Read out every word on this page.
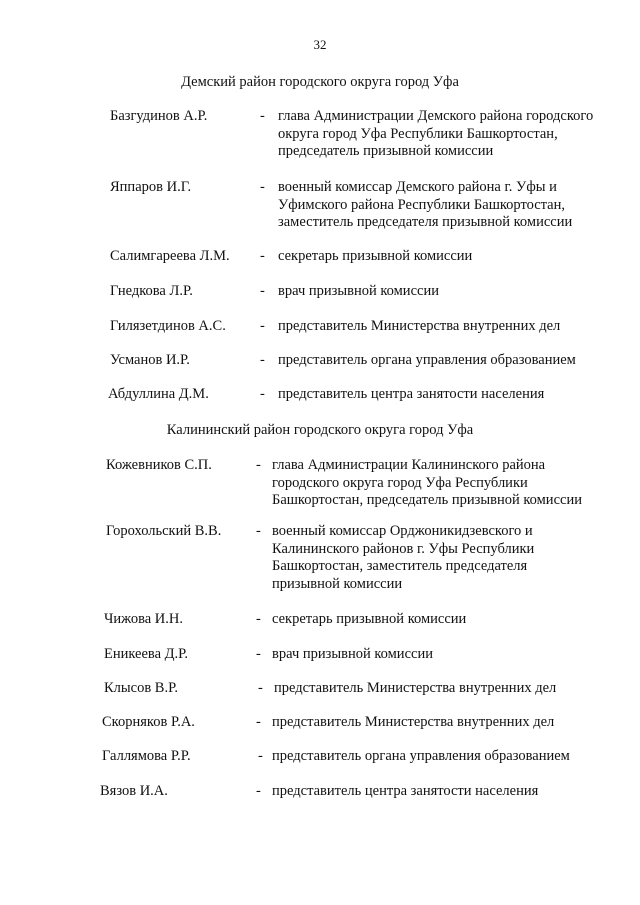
32
Демский район городского округа город Уфа
Базгудинов А.Р.	- глава Администрации Демского района городского
округа город Уфа Республики Башкортостан,
председатель призывной комиссии
Яппаров И.Г.	- военный комиссар Демского района г. Уфы и
Уфимского района Республики Башкортостан,
заместитель председателя призывной комиссии
Салимгареева Л.М. - секретарь призывной комиссии
Гнедкова Л.Р.	- врач призывной комиссии
Гилязетдинов А.С. - представитель Министерства внутренних дел
Усманов И.Р.	- представитель органа управления образованием
Абдуллина Д.М.	- представитель центра занятости населения
Калининский район городского округа город Уфа
Кожевников С.П.	- глава Администрации Калининского района
городского округа город Уфа Республики
Башкортостан, председатель призывной комиссии
Горохольский В.В. - военный комиссар Орджоникидзевского и
Калининского районов г. Уфы Республики
Башкортостан, заместитель председателя
призывной комиссии
Чижова И.Н.	- секретарь призывной комиссии
Еникеева Д.Р.	- врач призывной комиссии
Клысов В.Р.	- представитель Министерства внутренних дел
Скорняков Р.А.	- представитель Министерства внутренних дел
Галлямова Р.Р.	- представитель органа управления образованием
Вязов И.А.	- представитель центра занятости населения
